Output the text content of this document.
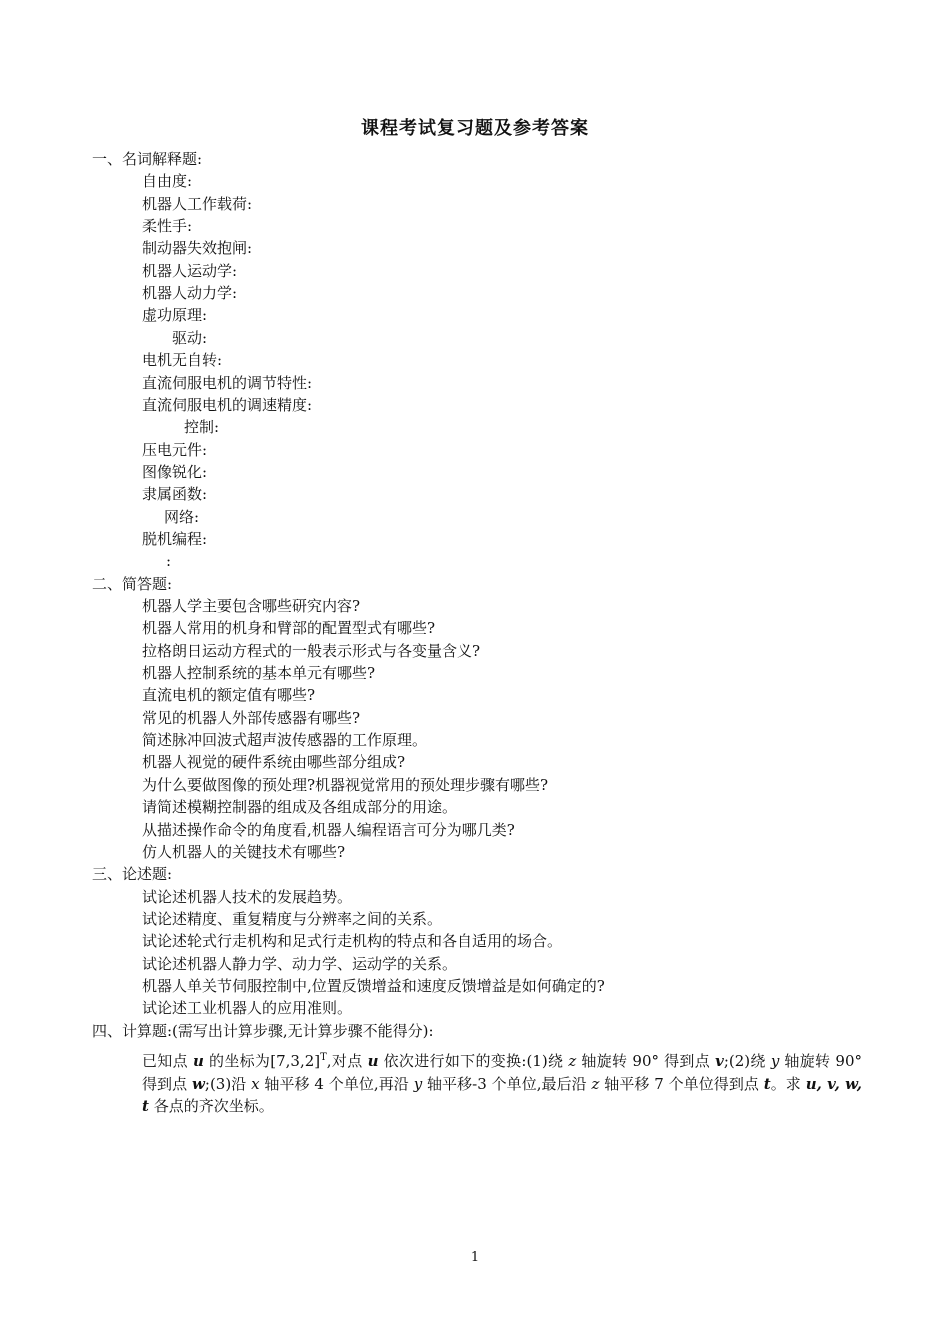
课程考试复习题及参考答案
一、名词解释题:
自由度:
机器人工作载荷:
柔性手:
制动器失效抱闸:
机器人运动学:
机器人动力学:
虚功原理:
驱动:
电机无自转:
直流伺服电机的调节特性:
直流伺服电机的调速精度:
控制:
压电元件:
图像锐化:
隶属函数:
网络:
脱机编程:
:
二、简答题:
机器人学主要包含哪些研究内容?
机器人常用的机身和臂部的配置型式有哪些?
拉格朗日运动方程式的一般表示形式与各变量含义?
机器人控制系统的基本单元有哪些?
直流电机的额定值有哪些?
常见的机器人外部传感器有哪些?
简述脉冲回波式超声波传感器的工作原理。
机器人视觉的硬件系统由哪些部分组成?
为什么要做图像的预处理?机器视觉常用的预处理步骤有哪些?
请简述模糊控制器的组成及各组成部分的用途。
从描述操作命令的角度看,机器人编程语言可分为哪几类?
仿人机器人的关键技术有哪些?
三、论述题:
试论述机器人技术的发展趋势。
试论述精度、重复精度与分辨率之间的关系。
试论述轮式行走机构和足式行走机构的特点和各自适用的场合。
试论述机器人静力学、动力学、运动学的关系。
机器人单关节伺服控制中,位置反馈增益和速度反馈增益是如何确定的?
试论述工业机器人的应用准则。
四、计算题:(需写出计算步骤,无计算步骤不能得分):
已知点 u 的坐标为$[7,3,2]^T$,对点 u 依次进行如下的变换:(1)绕 z 轴旋转 90° 得到点 v;(2)绕 y 轴旋转 90° 得到点 w;(3)沿 x 轴平移 4 个单位,再沿 y 轴平移-3 个单位,最后沿 z 轴平移 7 个单位得到点 t。求 u, v, w, t 各点的齐次坐标。
1
